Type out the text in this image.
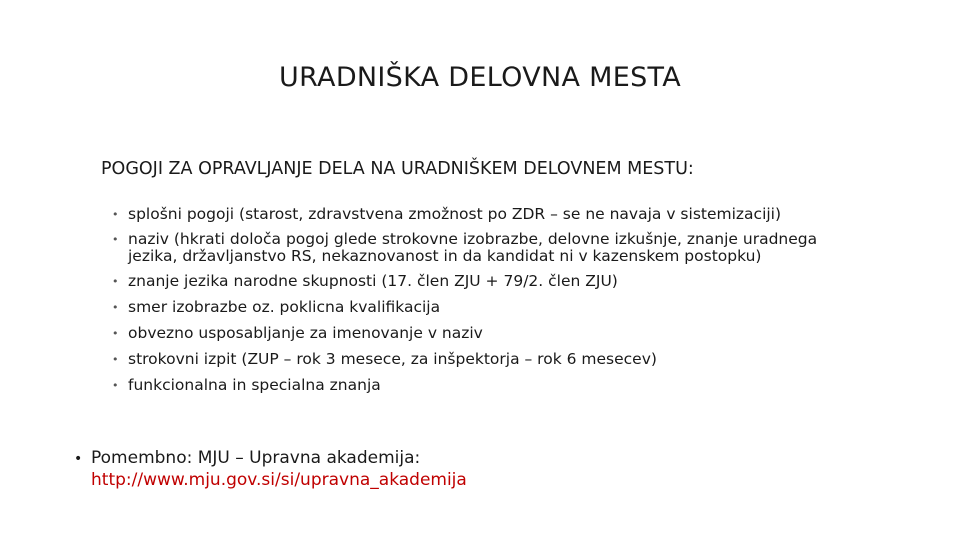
URADNIŠKA DELOVNA MESTA
POGOJI ZA OPRAVLJANJE DELA NA URADNIŠKEM DELOVNEM MESTU:
• splošni pogoji (starost, zdravstvena zmožnost po ZDR – se ne navaja v sistemizaciji)
• naziv (hkrati določa pogoj glede strokovne izobrazbe, delovne izkušnje, znanje uradnega jezika, državljanstvo RS, nekaznovanost in da kandidat ni v kazenskem postopku)
• znanje jezika narodne skupnosti (17. člen ZJU + 79/2. člen ZJU)
• smer izobrazbe oz. poklicna kvalifikacija
• obvezno usposabljanje za imenovanje v naziv
• strokovni izpit (ZUP – rok 3 mesece, za inšpektorja – rok 6 mesecev)
• funkcionalna in specialna znanja
• Pomembno: MJU – Upravna akademija:
http://www.mju.gov.si/si/upravna_akademija
